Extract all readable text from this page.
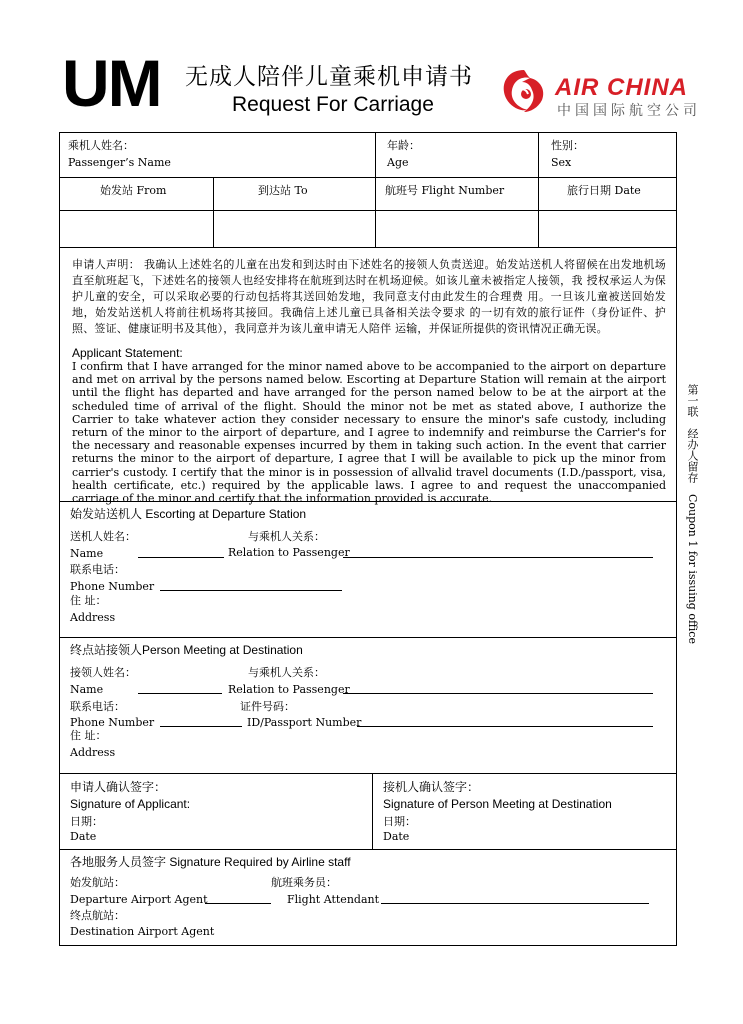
UM 无成人陪伴儿童乘机申请书
Request For Carriage
AIR CHINA
中国国际航空公司
乘机人姓名：
Passenger’s Name
年龄：
Age
性别：
Sex
始发站 From	到达站 To	航班号 Flight Number	旅行日期 Date
申请人声明： 我确认上述姓名的儿童在出发和到达时由下述姓名的接领人负责送迎。始发站送机人将留候在出发地机场 直至航班起飞，下述姓名的接领人也经安排将在航班到达时在机场迎候。如该儿童未被指定人接领，我 授权承运人为保护儿童的安全，可以采取必要的行动包括将其送回始发地，我同意支付由此发生的合理费 用。一旦该儿童被送回始发地，始发站送机人将前往机场将其接回。我确信上述儿童已具备相关法令要求 的一切有效的旅行证件（身份证件、护照、签证、健康证明书及其他），我同意并为该儿童申请无人陪伴 运输，并保证所提供的资讯情况正确无误。
Applicant Statement:
I confirm that I have arranged for the minor named above to be accompanied to the airport on departure and met on arrival by the persons named below. Escorting at Departure Station will remain at the airport until the flight has departed and have arranged for the person named below to be at the airport at the scheduled time of arrival of the flight. Should the minor not be met as stated above, I authorize the Carrier to take whatever action they consider necessary to ensure the minor's safe custody, including return of the minor to the airport of departure, and I agree to indemnify and reimburse the Carrier's for the necessary and reasonable expenses incurred by them in taking such action. In the event that carrier returns the minor to the airport of departure, I agree that I will be available to pick up the minor from carrier's custody. I certify that the minor is in possession of allvalid travel documents (I.D./passport, visa, health certificate, etc.) required by the applicable laws. I agree to and request the unaccompanied carriage of the minor and certify that the information provided is accurate.
始发站送机人 Escorting at Departure Station
送机人姓名：
Name
与乘机人关系：
Relation to Passenger
联系电话：
Phone Number
住 址：
Address
终点站接领人Person Meeting at Destination
接领人姓名：
Name
与乘机人关系：
Relation to Passenger
联系电话：
Phone Number
证件号码：
ID/Passport Number
住 址：
Address
申请人确认签字：
Signature of Applicant:
日期：
Date
接机人确认签字：
Signature of Person Meeting at Destination
日期：
Date
各地服务人员签字 Signature Required by Airline staff
始发航站：
Departure Airport Agent
航班乘务员：
Flight Attendant
终点航站：
Destination Airport Agent
第一联　经办人留存　Coupon 1 for issuing office
